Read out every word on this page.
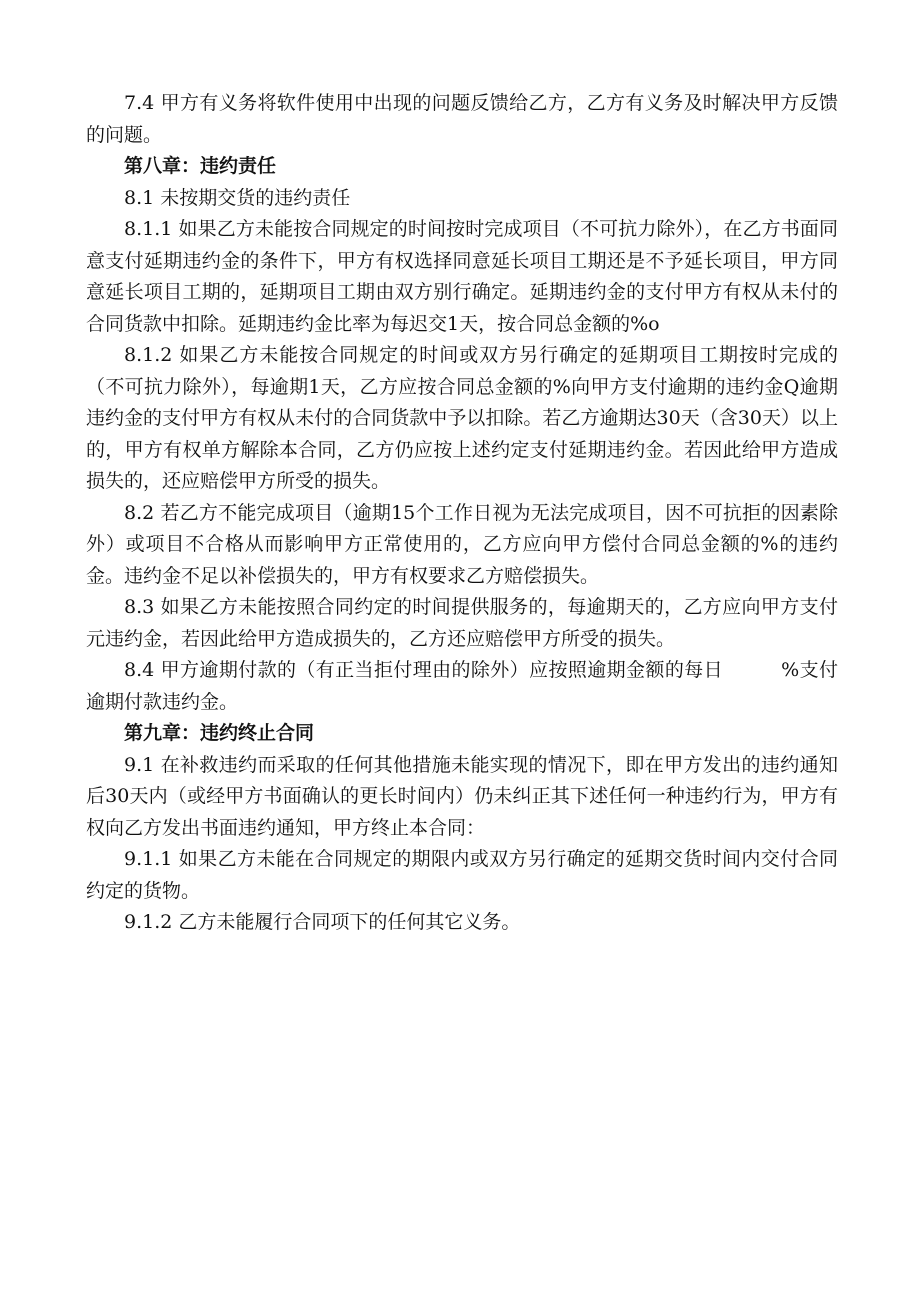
7.4 甲方有义务将软件使用中出现的问题反馈给乙方，乙方有义务及时解决甲方反馈的问题。

第八章：违约责任

8.1 未按期交货的违约责任

8.1.1 如果乙方未能按合同规定的时间按时完成项目（不可抗力除外），在乙方书面同意支付延期违约金的条件下，甲方有权选择同意延长项目工期还是不予延长项目，甲方同意延长项目工期的，延期项目工期由双方别行确定。延期违约金的支付甲方有权从未付的合同货款中扣除。延期违约金比率为每迟交1天，按合同总金额的%o

8.1.2 如果乙方未能按合同规定的时间或双方另行确定的延期项目工期按时完成的（不可抗力除外），每逾期1天，乙方应按合同总金额的%向甲方支付逾期的违约金Q逾期违约金的支付甲方有权从未付的合同货款中予以扣除。若乙方逾期达30天（含30天）以上的，甲方有权单方解除本合同，乙方仍应按上述约定支付延期违约金。若因此给甲方造成损失的，还应赔偿甲方所受的损失。

8.2 若乙方不能完成项目（逾期15个工作日视为无法完成项目，因不可抗拒的因素除外）或项目不合格从而影响甲方正常使用的，乙方应向甲方偿付合同总金额的%的违约金。违约金不足以补偿损失的，甲方有权要求乙方赔偿损失。

8.3 如果乙方未能按照合同约定的时间提供服务的，每逾期天的，乙方应向甲方支付元违约金，若因此给甲方造成损失的，乙方还应赔偿甲方所受的损失。

8.4 甲方逾期付款的（有正当拒付理由的除外）应按照逾期金额的每日　　　%支付逾期付款违约金。

第九章：违约终止合同

9.1 在补救违约而采取的任何其他措施未能实现的情况下，即在甲方发出的违约通知后30天内（或经甲方书面确认的更长时间内）仍未纠正其下述任何一种违约行为，甲方有权向乙方发出书面违约通知，甲方终止本合同：

9.1.1 如果乙方未能在合同规定的期限内或双方另行确定的延期交货时间内交付合同约定的货物。

9.1.2 乙方未能履行合同项下的任何其它义务。
